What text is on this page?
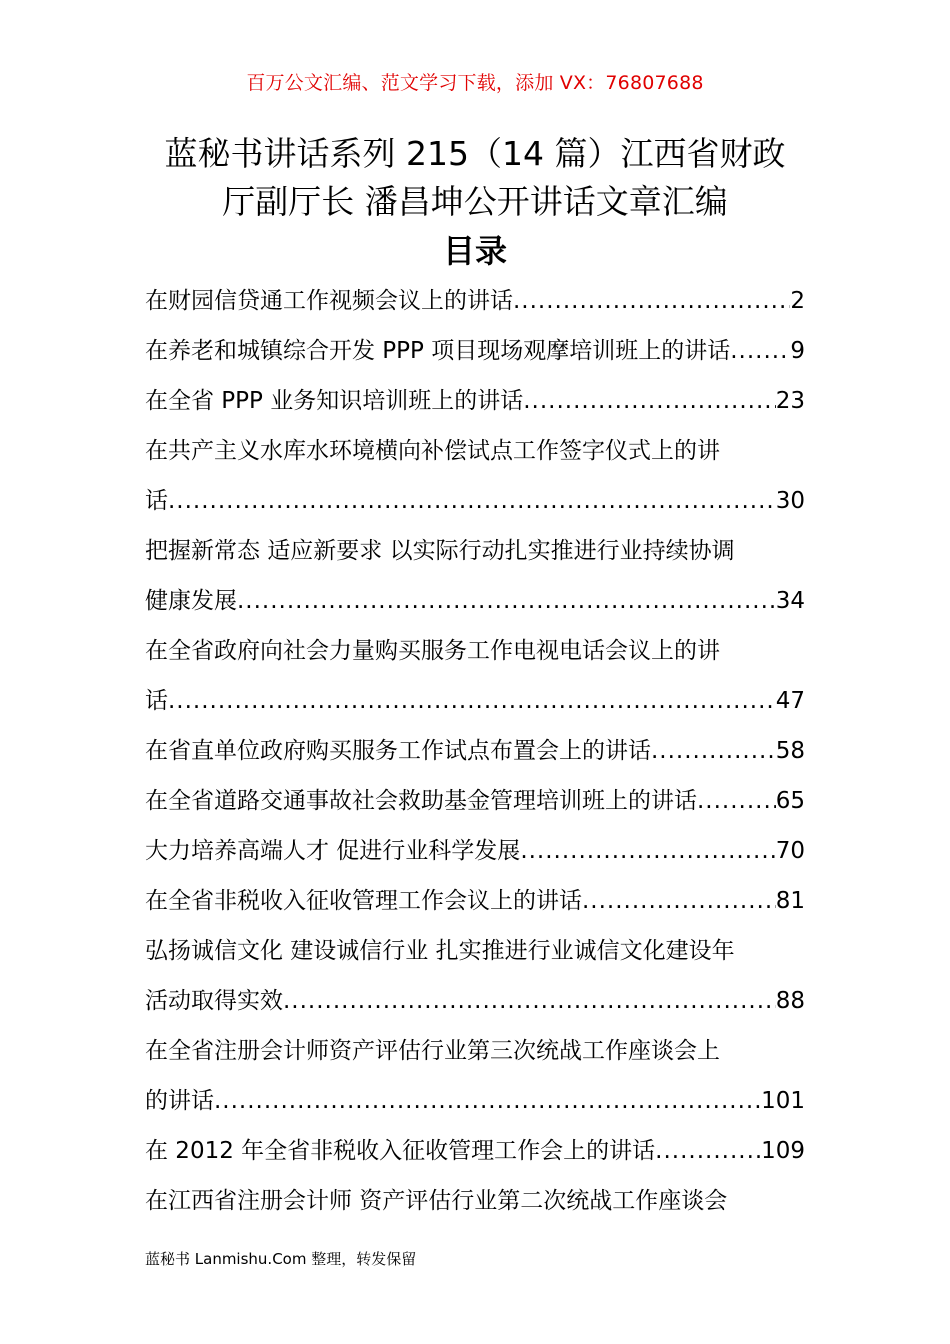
百万公文汇编、范文学习下载，添加 VX：76807688
蓝秘书讲话系列 215（14 篇）江西省财政
厅副厅长 潘昌坤公开讲话文章汇编
目录
在财园信贷通工作视频会议上的讲话 .....	2
在养老和城镇综合开发 PPP 项目现场观摩培训班上的讲话 .....	9
在全省 PPP 业务知识培训班上的讲话 .....	23
在共产主义水库水环境横向补偿试点工作签字仪式上的讲
话 .....	30
把握新常态 适应新要求 以实际行动扎实推进行业持续协调
健康发展 .....	34
在全省政府向社会力量购买服务工作电视电话会议上的讲
话 .....	47
在省直单位政府购买服务工作试点布置会上的讲话 .....	58
在全省道路交通事故社会救助基金管理培训班上的讲话 .....	65
大力培养高端人才 促进行业科学发展 .....	70
在全省非税收入征收管理工作会议上的讲话 .....	81
弘扬诚信文化 建设诚信行业 扎实推进行业诚信文化建设年
活动取得实效 .....	88
在全省注册会计师资产评估行业第三次统战工作座谈会上
的讲话 .....	101
在 2012 年全省非税收入征收管理工作会上的讲话 .....	109
在江西省注册会计师 资产评估行业第二次统战工作座谈会
蓝秘书 Lanmishu.Com 整理，转发保留
